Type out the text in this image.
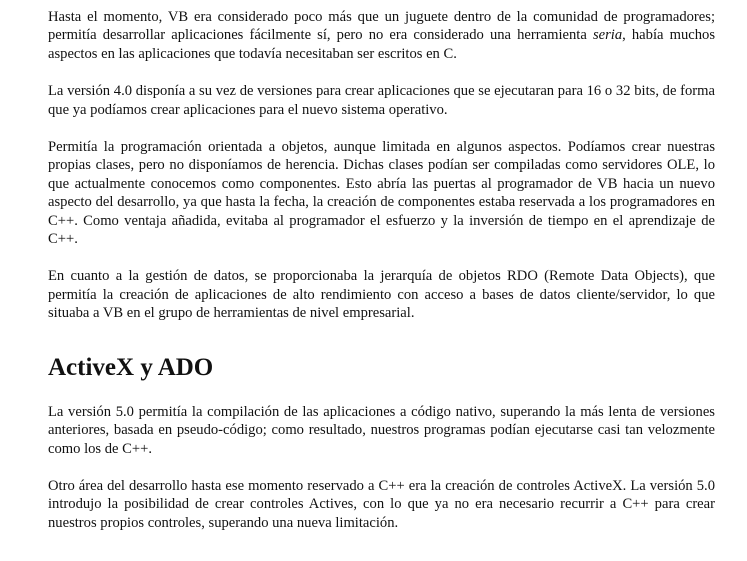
Hasta el momento, VB era considerado poco más que un juguete dentro de la comunidad de programadores; permitía desarrollar aplicaciones fácilmente sí, pero no era considerado una herramienta seria, había muchos aspectos en las aplicaciones que todavía necesitaban ser escritos en C.

La versión 4.0 disponía a su vez de versiones para crear aplicaciones que se ejecutaran para 16 o 32 bits, de forma que ya podíamos crear aplicaciones para el nuevo sistema operativo.

Permitía la programación orientada a objetos, aunque limitada en algunos aspectos. Podíamos crear nuestras propias clases, pero no disponíamos de herencia. Dichas clases podían ser compiladas como servidores OLE, lo que actualmente conocemos como componentes. Esto abría las puertas al programador de VB hacia un nuevo aspecto del desarrollo, ya que hasta la fecha, la creación de componentes estaba reservada a los programadores en C++. Como ventaja añadida, evitaba al programador el esfuerzo y la inversión de tiempo en el aprendizaje de C++.

En cuanto a la gestión de datos, se proporcionaba la jerarquía de objetos RDO (Remote Data Objects), que permitía la creación de aplicaciones de alto rendimiento con acceso a bases de datos cliente/servidor, lo que situaba a VB en el grupo de herramientas de nivel empresarial.

ActiveX y ADO

La versión 5.0 permitía la compilación de las aplicaciones a código nativo, superando la más lenta de versiones anteriores, basada en pseudo-código; como resultado, nuestros programas podían ejecutarse casi tan velozmente como los de C++.

Otro área del desarrollo hasta ese momento reservado a C++ era la creación de controles ActiveX. La versión 5.0 introdujo la posibilidad de crear controles Actives, con lo que ya no era necesario recurrir a C++ para crear nuestros propios controles, superando una nueva limitación.
